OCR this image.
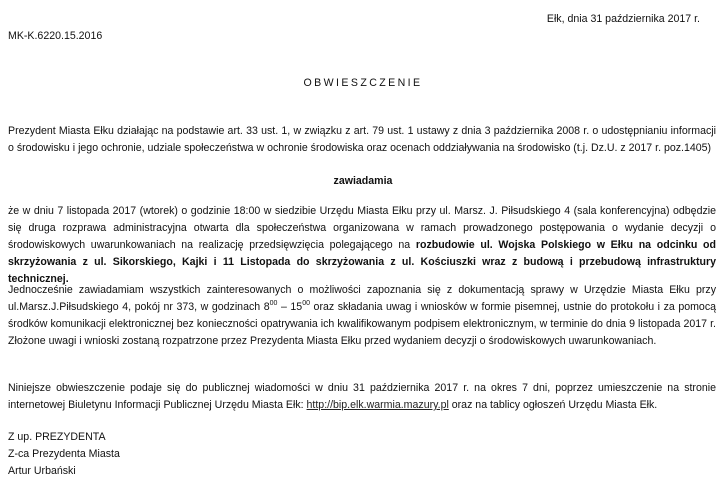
Ełk, dnia 31 października 2017 r.
MK-K.6220.15.2016
OBWIESZCZENIE
Prezydent Miasta Ełku działając na podstawie art. 33 ust. 1, w związku z art. 79 ust. 1 ustawy z dnia 3 października 2008 r. o udostępnianiu informacji o środowisku i jego ochronie, udziale społeczeństwa w ochronie środowiska oraz ocenach oddziaływania na środowisko (t.j. Dz.U. z 2017 r. poz.1405)
zawiadamia
że w dniu 7 listopada 2017 (wtorek) o godzinie 18:00 w siedzibie Urzędu Miasta Ełku przy ul. Marsz. J. Piłsudskiego 4 (sala konferencyjna) odbędzie się druga rozprawa administracyjna otwarta dla społeczeństwa organizowana w ramach prowadzonego postępowania o wydanie decyzji o środowiskowych uwarunkowaniach na realizację przedsięwzięcia polegającego na rozbudowie ul. Wojska Polskiego w Ełku na odcinku od skrzyżowania z ul. Sikorskiego, Kajki i 11 Listopada do skrzyżowania z ul. Kościuszki wraz z budową i przebudową infrastruktury technicznej.
Jednocześnie zawiadamiam wszystkich zainteresowanych o możliwości zapoznania się z dokumentacją sprawy w Urzędzie Miasta Ełku przy ul.Marsz.J.Piłsudskiego 4, pokój nr 373, w godzinach $8^{00} - 15^{00}$ oraz składania uwag i wniosków w formie pisemnej, ustnie do protokołu i za pomocą środków komunikacji elektronicznej bez konieczności opatrywania ich kwalifikowanym podpisem elektronicznym, w terminie do dnia 9 listopada 2017 r. Złożone uwagi i wnioski zostaną rozpatrzone przez Prezydenta Miasta Ełku przed wydaniem decyzji o środowiskowych uwarunkowaniach.
Niniejsze obwieszczenie podaje się do publicznej wiadomości w dniu 31 października 2017 r. na okres 7 dni, poprzez umieszczenie na stronie internetowej Biuletynu Informacji Publicznej Urzędu Miasta Ełk: http://bip.elk.warmia.mazury.pl oraz na tablicy ogłoszeń Urzędu Miasta Ełk.
Z up. PREZYDENTA
Z-ca Prezydenta Miasta
Artur Urbański
